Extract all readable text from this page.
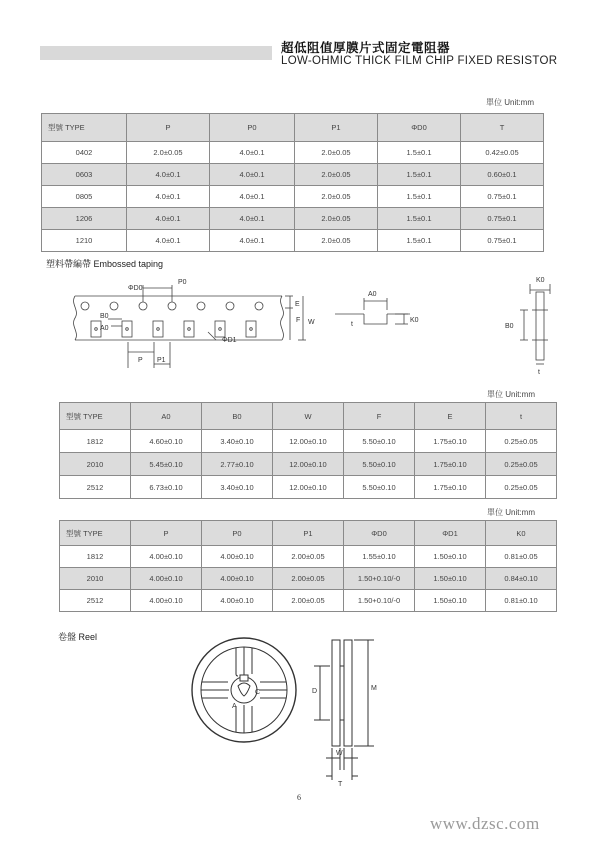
超低阻值厚膜片式固定電阻器
LOW-OHMIC THICK FILM CHIP FIXED RESISTOR
單位 Unit:mm
型號 TYPE	P	P0	P1	ΦD0	T
0402	2.0±0.05	4.0±0.1	2.0±0.05	1.5±0.1	0.42±0.05
0603	4.0±0.1	4.0±0.1	2.0±0.05	1.5±0.1	0.60±0.1
0805	4.0±0.1	4.0±0.1	2.0±0.05	1.5±0.1	0.75±0.1
1206	4.0±0.1	4.0±0.1	2.0±0.05	1.5±0.1	0.75±0.1
1210	4.0±0.1	4.0±0.1	2.0±0.05	1.5±0.1	0.75±0.1
塑料帶編帶 Embossed taping
ΦD0
P0
B0
A0
E
F W
ΦD1
P P1
A0
t
K0
K0
B0
t
單位 Unit:mm
型號 TYPE	A0	B0	W	F	E	t
1812	4.60±0.10	3.40±0.10	12.00±0.10	5.50±0.10	1.75±0.10	0.25±0.05
2010	5.45±0.10	2.77±0.10	12.00±0.10	5.50±0.10	1.75±0.10	0.25±0.05
2512	6.73±0.10	3.40±0.10	12.00±0.10	5.50±0.10	1.75±0.10	0.25±0.05
單位 Unit:mm
型號 TYPE	P	P0	P1	ΦD0	ΦD1	K0
1812	4.00±0.10	4.00±0.10	2.00±0.05	1.55±0.10	1.50±0.10	0.81±0.05
2010	4.00±0.10	4.00±0.10	2.00±0.05	1.50+0.10/-0	1.50±0.10	0.84±0.10
2512	4.00±0.10	4.00±0.10	2.00±0.05	1.50+0.10/-0	1.50±0.10	0.81±0.10
卷盤 Reel
A
C	D	M
W
T
6
www.dzsc.com
